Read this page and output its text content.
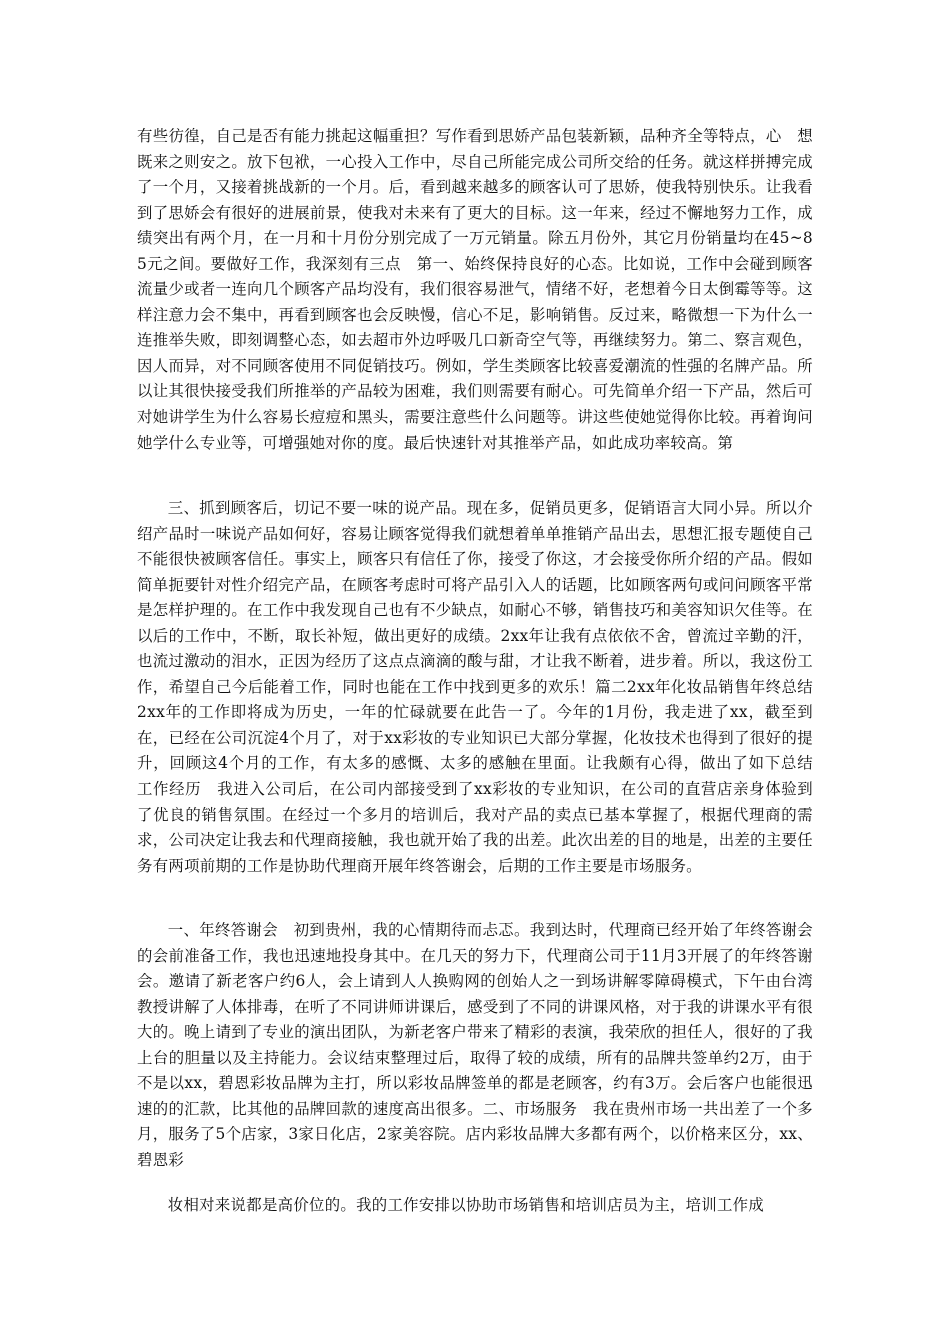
有些彷徨，自己是否有能力挑起这幅重担？写作看到思娇产品包装新颖，品种齐全等特点，心　想既来之则安之。放下包袱，一心投入工作中，尽自己所能完成公司所交给的任务。就这样拼搏完成了一个月，又接着挑战新的一个月。后，看到越来越多的顾客认可了思娇，使我特别快乐。让我看到了思娇会有很好的进展前景，使我对未来有了更大的目标。这一年来，经过不懈地努力工作，成绩突出有两个月，在一月和十月份分别完成了一万元销量。除五月份外，其它月份销量均在45~85元之间。要做好工作，我深刻有三点　第一、始终保持良好的心态。比如说，工作中会碰到顾客流量少或者一连向几个顾客产品均没有，我们很容易泄气，情绪不好，老想着今日太倒霉等等。这样注意力会不集中，再看到顾客也会反映慢，信心不足，影响销售。反过来，略微想一下为什么一连推举失败，即刻调整心态，如去超市外边呼吸几口新奇空气等，再继续努力。第二、察言观色，因人而异，对不同顾客使用不同促销技巧。例如，学生类顾客比较喜爱潮流的性强的名牌产品。所以让其很快接受我们所推举的产品较为困难，我们则需要有耐心。可先简单介绍一下产品，然后可对她讲学生为什么容易长痘痘和黑头，需要注意些什么问题等。讲这些使她觉得你比较。再着询问她学什么专业等，可增强她对你的度。最后快速针对其推举产品，如此成功率较高。第

三、抓到顾客后，切记不要一味的说产品。现在多，促销员更多，促销语言大同小异。所以介绍产品时一味说产品如何好，容易让顾客觉得我们就想着单单推销产品出去，思想汇报专题使自己不能很快被顾客信任。事实上，顾客只有信任了你，接受了你这，才会接受你所介绍的产品。假如简单扼要针对性介绍完产品，在顾客考虑时可将产品引入人的话题，比如顾客两句或问问顾客平常是怎样护理的。在工作中我发现自己也有不少缺点，如耐心不够，销售技巧和美容知识欠佳等。在以后的工作中，不断，取长补短，做出更好的成绩。2xx年让我有点依依不舍，曾流过辛勤的汗，也流过激动的泪水，正因为经历了这点点滴滴的酸与甜，才让我不断着，进步着。所以，我这份工作，希望自己今后能着工作，同时也能在工作中找到更多的欢乐！篇二2xx年化妆品销售年终总结2xx年的工作即将成为历史，一年的忙碌就要在此告一了。今年的1月份，我走进了xx，截至到在，已经在公司沉淀4个月了，对于xx彩妆的专业知识已大部分掌握，化妆技术也得到了很好的提升，回顾这4个月的工作，有太多的感慨、太多的感触在里面。让我颇有心得，做出了如下总结　工作经历　我进入公司后，在公司内部接受到了xx彩妆的专业知识，在公司的直营店亲身体验到了优良的销售氛围。在经过一个多月的培训后，我对产品的卖点已基本掌握了，根据代理商的需求，公司决定让我去和代理商接触，我也就开始了我的出差。此次出差的目的地是，出差的主要任务有两项前期的工作是协助代理商开展年终答谢会，后期的工作主要是市场服务。

一、年终答谢会　初到贵州，我的心情期待而忐忑。我到达时，代理商已经开始了年终答谢会的会前准备工作，我也迅速地投身其中。在几天的努力下，代理商公司于11月3开展了的年终答谢会。邀请了新老客户约6人，会上请到人人换购网的创始人之一到场讲解零障碍模式，下午由台湾教授讲解了人体排毒，在听了不同讲师讲课后，感受到了不同的讲课风格，对于我的讲课水平有很大的。晚上请到了专业的演出团队，为新老客户带来了精彩的表演，我荣欣的担任人，很好的了我上台的胆量以及主持能力。会议结束整理过后，取得了较的成绩，所有的品牌共签单约2万，由于不是以xx，碧恩彩妆品牌为主打，所以彩妆品牌签单的都是老顾客，约有3万。会后客户也能很迅速的的汇款，比其他的品牌回款的速度高出很多。二、市场服务　我在贵州市场一共出差了一个多月，服务了5个店家，3家日化店，2家美容院。店内彩妆品牌大多都有两个，以价格来区分，xx、碧恩彩

妆相对来说都是高价位的。我的工作安排以协助市场销售和培训店员为主，培训工作成
